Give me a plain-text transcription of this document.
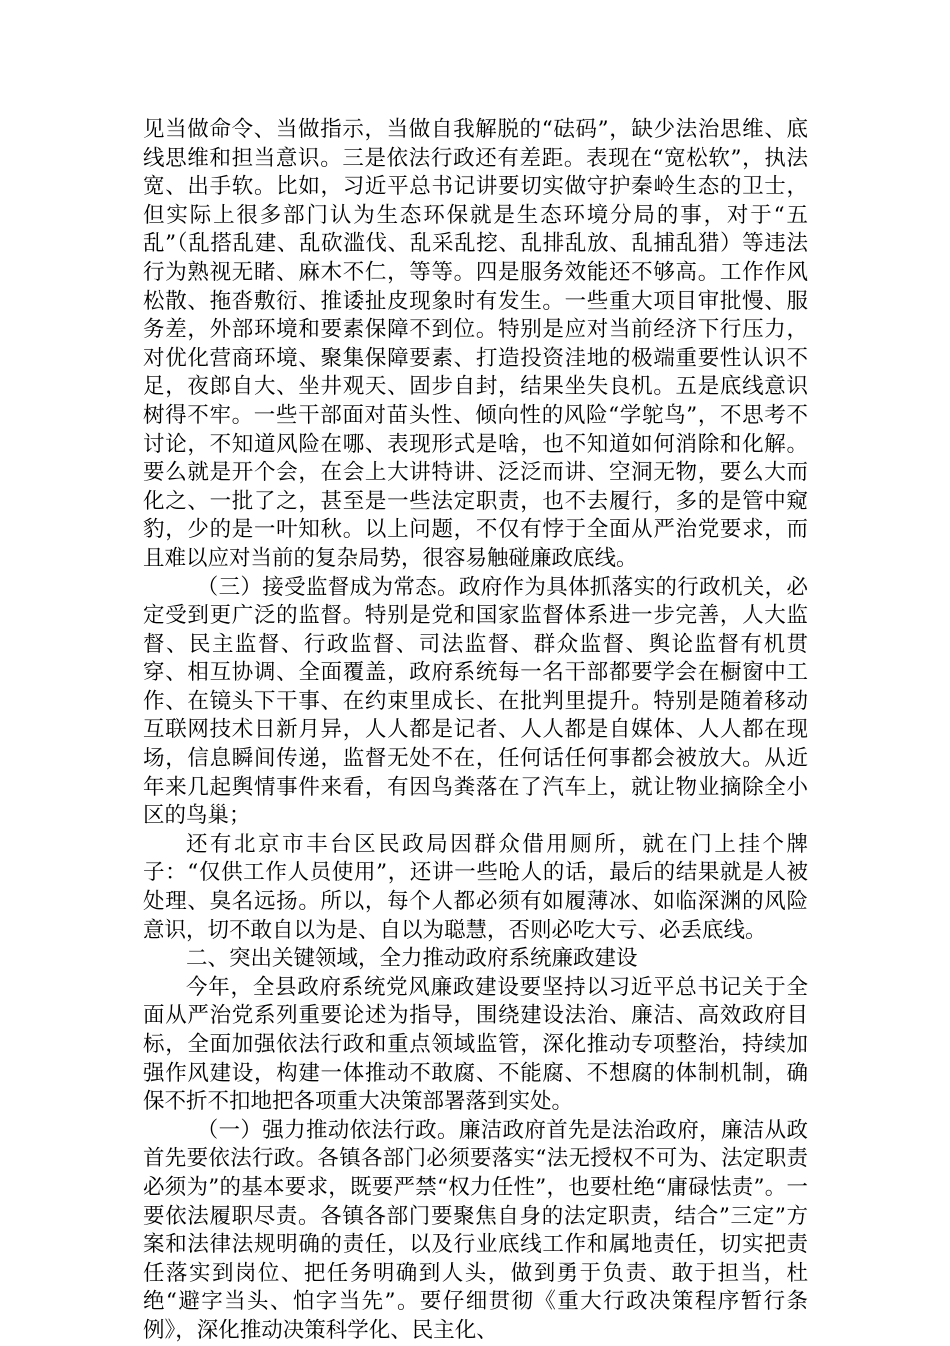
见当做命令、当做指示，当做自我解脱的“砝码”，缺少法治思维、底线思维和担当意识。三是依法行政还有差距。表现在“宽松软”，执法宽、出手软。比如，习近平总书记讲要切实做守护秦岭生态的卫士，但实际上很多部门认为生态环保就是生态环境分局的事，对于“五乱”（乱搭乱建、乱砍滥伐、乱采乱挖、乱排乱放、乱捕乱猎）等违法行为熟视无睹、麻木不仁，等等。四是服务效能还不够高。工作作风松散、拖沓敷衍、推诿扯皮现象时有发生。一些重大项目审批慢、服务差，外部环境和要素保障不到位。特别是应对当前经济下行压力，对优化营商环境、聚集保障要素、打造投资洼地的极端重要性认识不足，夜郎自大、坐井观天、固步自封，结果坐失良机。五是底线意识树得不牢。一些干部面对苗头性、倾向性的风险“学鸵鸟”，不思考不讨论，不知道风险在哪、表现形式是啥，也不知道如何消除和化解。要么就是开个会，在会上大讲特讲、泛泛而讲、空洞无物，要么大而化之、一批了之，甚至是一些法定职责，也不去履行，多的是管中窥豹，少的是一叶知秋。以上问题，不仅有悖于全面从严治党要求，而且难以应对当前的复杂局势，很容易触碰廉政底线。

（三）接受监督成为常态。政府作为具体抓落实的行政机关，必定受到更广泛的监督。特别是党和国家监督体系进一步完善，人大监督、民主监督、行政监督、司法监督、群众监督、舆论监督有机贯穿、相互协调、全面覆盖，政府系统每一名干部都要学会在橱窗中工作、在镜头下干事、在约束里成长、在批判里提升。特别是随着移动互联网技术日新月异，人人都是记者、人人都是自媒体、人人都在现场，信息瞬间传递，监督无处不在，任何话任何事都会被放大。从近年来几起舆情事件来看，有因鸟粪落在了汽车上，就让物业摘除全小区的鸟巢；

还有北京市丰台区民政局因群众借用厕所，就在门上挂个牌子：“仅供工作人员使用”，还讲一些呛人的话，最后的结果就是人被处理、臭名远扬。所以，每个人都必须有如履薄冰、如临深渊的风险意识，切不敢自以为是、自以为聪慧，否则必吃大亏、必丢底线。

二、突出关键领域，全力推动政府系统廉政建设

今年，全县政府系统党风廉政建设要坚持以习近平总书记关于全面从严治党系列重要论述为指导，围绕建设法治、廉洁、高效政府目标，全面加强依法行政和重点领域监管，深化推动专项整治，持续加强作风建设，构建一体推动不敢腐、不能腐、不想腐的体制机制，确保不折不扣地把各项重大决策部署落到实处。

（一）强力推动依法行政。廉洁政府首先是法治政府，廉洁从政首先要依法行政。各镇各部门必须要落实“法无授权不可为、法定职责必须为”的基本要求，既要严禁“权力任性”，也要杜绝“庸碌怯责”。一要依法履职尽责。各镇各部门要聚焦自身的法定职责，结合”三定”方案和法律法规明确的责任，以及行业底线工作和属地责任，切实把责任落实到岗位、把任务明确到人头，做到勇于负责、敢于担当，杜绝“避字当头、怕字当先”。要仔细贯彻《重大行政决策程序暂行条例》，深化推动决策科学化、民主化、
